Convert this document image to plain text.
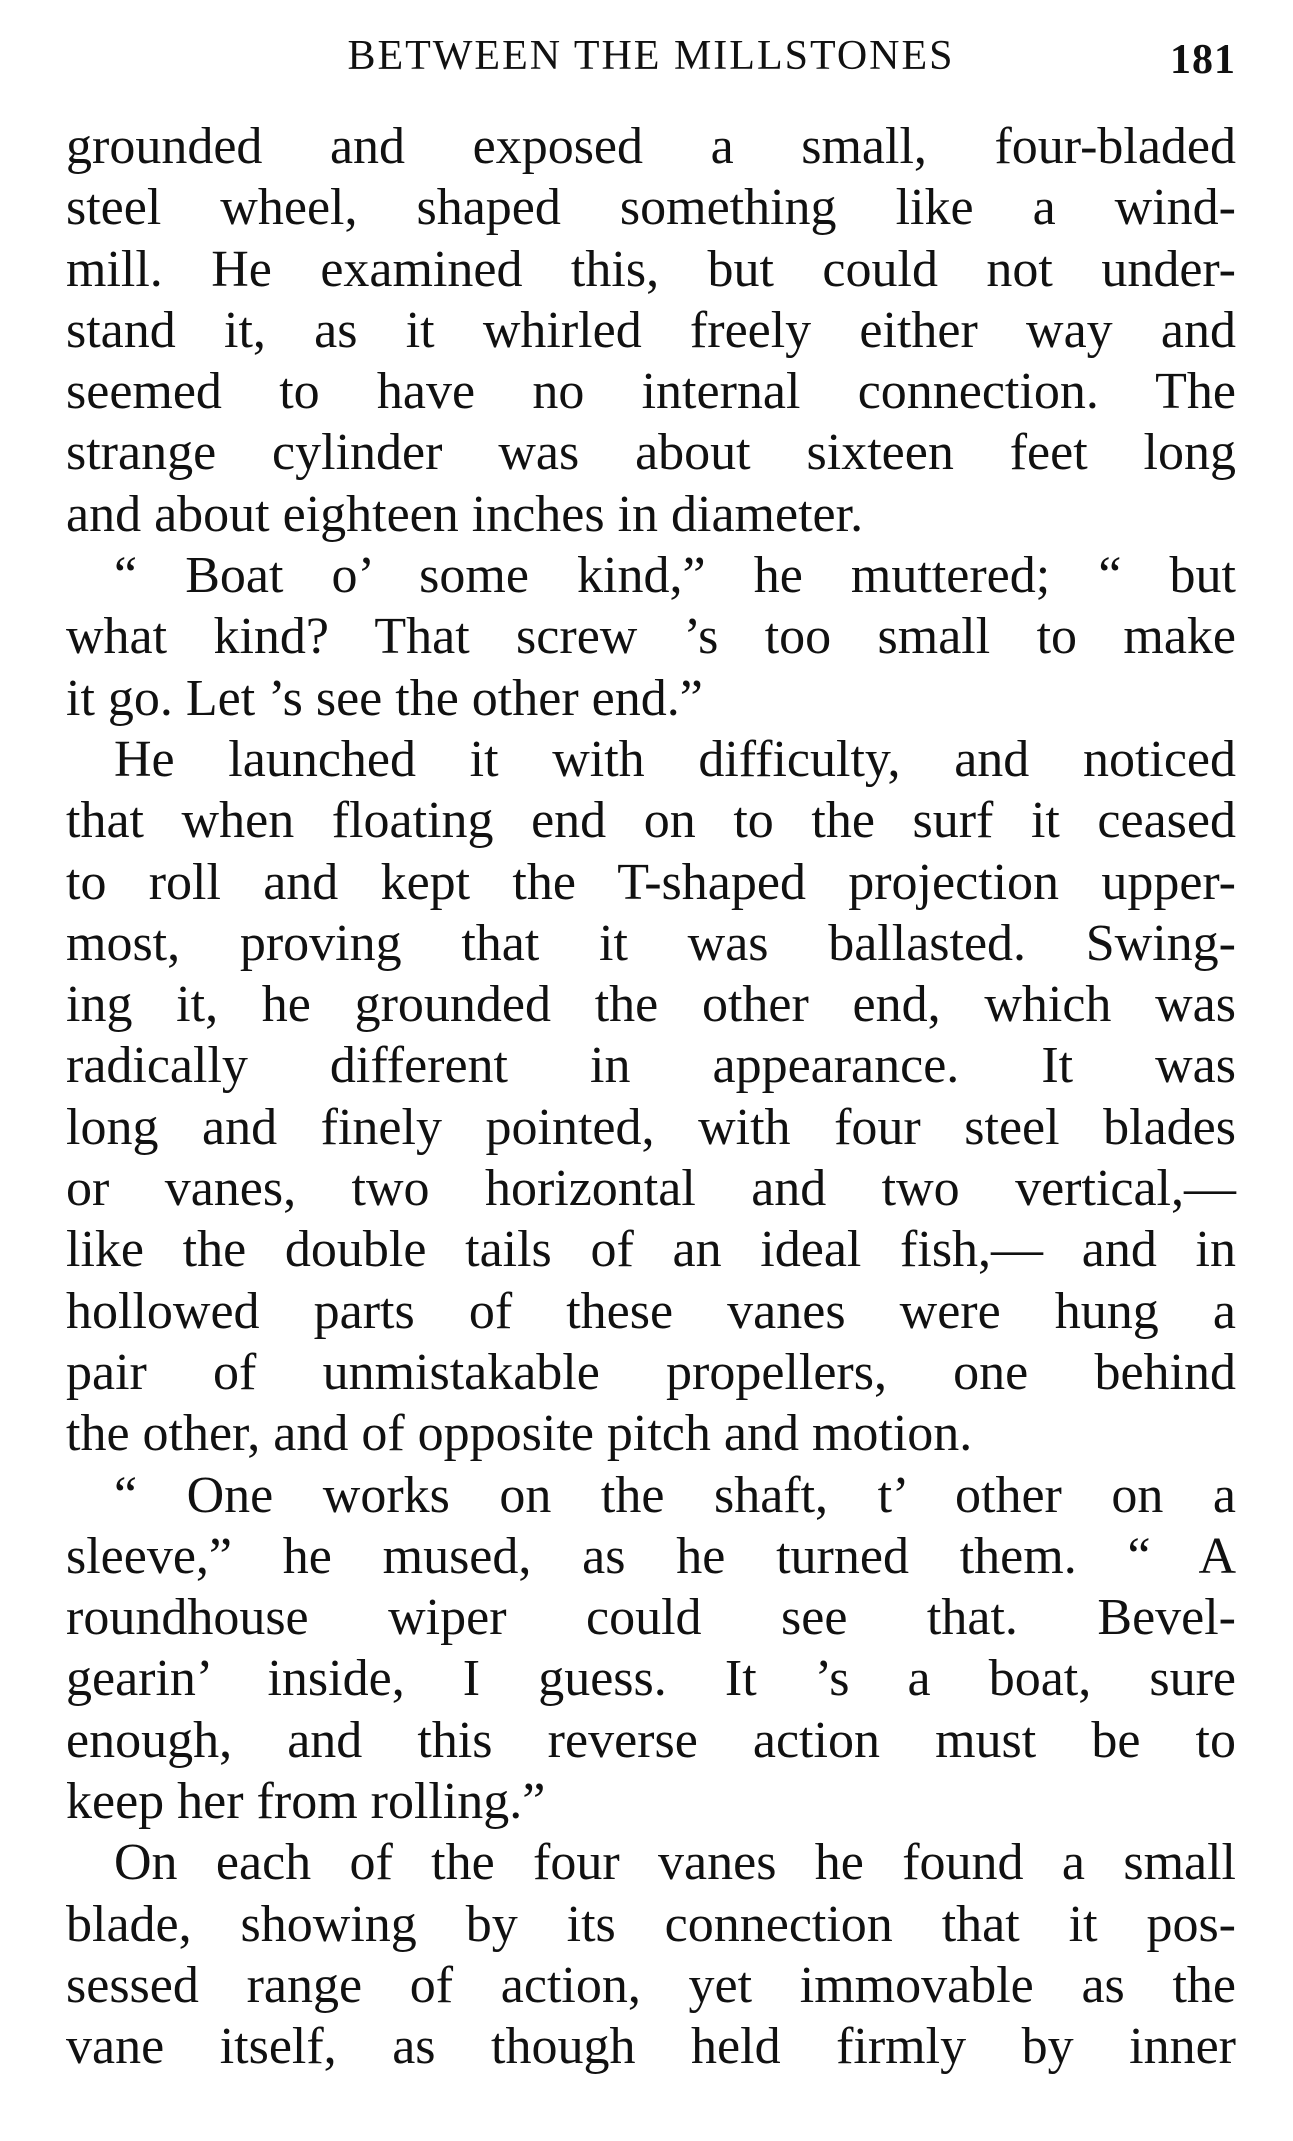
BETWEEN THE MILLSTONES	181
grounded and exposed a small, four-bladed
steel wheel, shaped something like a wind-
mill. He examined this, but could not under-
stand it, as it whirled freely either way and
seemed to have no internal connection. The
strange cylinder was about sixteen feet long
and about eighteen inches in diameter.
“ Boat o’ some kind,” he muttered; “ but
what kind? That screw ’s too small to make
it go. Let ’s see the other end.”
He launched it with difficulty, and noticed
that when floating end on to the surf it ceased
to roll and kept the T-shaped projection upper-
most, proving that it was ballasted. Swing-
ing it, he grounded the other end, which was
radically different in appearance. It was
long and finely pointed, with four steel blades
or vanes, two horizontal and two vertical,—
like the double tails of an ideal fish,— and in
hollowed parts of these vanes were hung a
pair of unmistakable propellers, one behind
the other, and of opposite pitch and motion.
“ One works on the shaft, t’ other on a
sleeve,” he mused, as he turned them. “ A
roundhouse wiper could see that. Bevel-
gearin’ inside, I guess. It ’s a boat, sure
enough, and this reverse action must be to
keep her from rolling.”
On each of the four vanes he found a small
blade, showing by its connection that it pos-
sessed range of action, yet immovable as the
vane itself, as though held firmly by inner
